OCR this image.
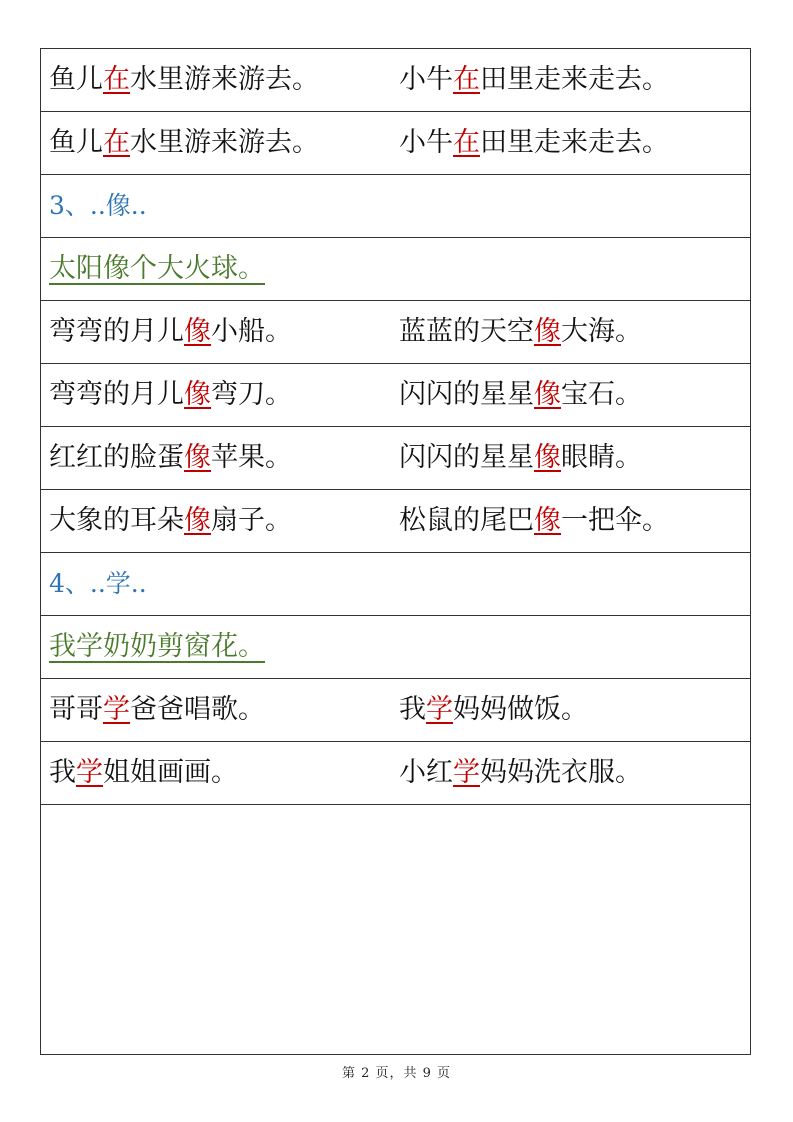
鱼儿在水里游来游去。	小牛在田里走来走去。
鱼儿在水里游来游去。	小牛在田里走来走去。
3、..像..
太阳像个大火球。
弯弯的月儿像小船。	蓝蓝的天空像大海。
弯弯的月儿像弯刀。	闪闪的星星像宝石。
红红的脸蛋像苹果。	闪闪的星星像眼睛。
大象的耳朵像扇子。	松鼠的尾巴像一把伞。
4、..学..
我学奶奶剪窗花。
哥哥学爸爸唱歌。	我学妈妈做饭。
我学姐姐画画。	小红学妈妈洗衣服。
第 2 页，共 9 页
